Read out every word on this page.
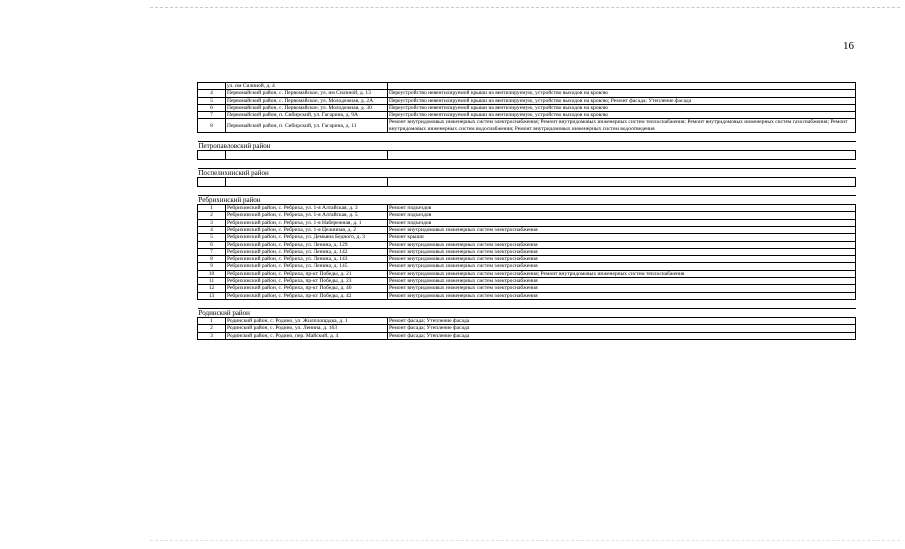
16
	ул. им Силиной, д. 4	
4	Первомайский район, с. Первомайское, ул. им Силиной, д. 13	Переустройство невентилируемой крыши на вентилируемую, устройство выходов на кровлю
5	Первомайский район, с. Первомайское, ул. Молодежная, д. 2А	Переустройство невентилируемой крыши на вентилируемую, устройство выходов на кровлю; Ремонт фасада; Утепление фасада
6	Первомайский район, с. Первомайское, ул. Молодежная, д. 30	Переустройство невентилируемой крыши на вентилируемую, устройство выходов на кровлю
7	Первомайский район, п. Сибирский, ул. Гагарина, д. 9А	Переустройство невентилируемой крыши на вентилируемую, устройство выходов на кровлю
8	Первомайский район, п. Сибирский, ул. Гагарина, д. 11	Ремонт внутридомовых инженерных систем электроснабжения; Ремонт внутридомовых инженерных систем теплоснабжения; Ремонт внутридомовых инженерных систем газоснабжения; Ремонт внутридомовых инженерных систем водоснабжения; Ремонт внутридомовых инженерных систем водоотведения

Петропавловский район		

Поспелихинский район		

Ребрихинский район		
1	Ребрихинский район, с. Ребриха, ул. 1-я Алтайская, д. 3	Ремонт подъездов
2	Ребрихинский район, с. Ребриха, ул. 1-я Алтайская, д. 5	Ремонт подъездов
3	Ребрихинский район, с. Ребриха, ул. 1-я Набережная, д. 1	Ремонт подъездов
4	Ребрихинский район, с. Ребриха, ул. 1-я Целинная, д. 2	Ремонт внутридомовых инженерных систем электроснабжения
5	Ребрихинский район, с. Ребриха, ул. Демьяна Бедного, д. 3	Ремонт крыши
6	Ребрихинский район, с. Ребриха, ул. Ленина, д. 129	Ремонт внутридомовых инженерных систем электроснабжения
7	Ребрихинский район, с. Ребриха, ул. Ленина, д. 142	Ремонт внутридомовых инженерных систем электроснабжения
8	Ребрихинский район, с. Ребриха, ул. Ленина, д. 143	Ремонт внутридомовых инженерных систем электроснабжения
9	Ребрихинский район, с. Ребриха, ул. Ленина, д. 145	Ремонт внутридомовых инженерных систем электроснабжения
10	Ребрихинский район, с. Ребриха, пр-кт Победы, д. 21	Ремонт внутридомовых инженерных систем электроснабжения; Ремонт внутридомовых инженерных систем теплоснабжения
11	Ребрихинский район, с. Ребриха, пр-кт Победы, д. 23	Ремонт внутридомовых инженерных систем электроснабжения
12	Ребрихинский район, с. Ребриха, пр-кт Победы, д. 40	Ремонт внутридомовых инженерных систем электроснабжения
13	Ребрихинский район, с. Ребриха, пр-кт Победы, д. 42	Ремонт внутридомовых инженерных систем электроснабжения

Родинский район		
1	Родинский район, с. Родино, ул. Жилплощадка, д. 1	Ремонт фасада; Утепление фасада
2	Родинский район, с. Родино, ул. Ленина, д. 163	Ремонт фасада; Утепление фасада
3	Родинский район, с. Родино, пер. Майский, д. 4	Ремонт фасада; Утепление фасада
